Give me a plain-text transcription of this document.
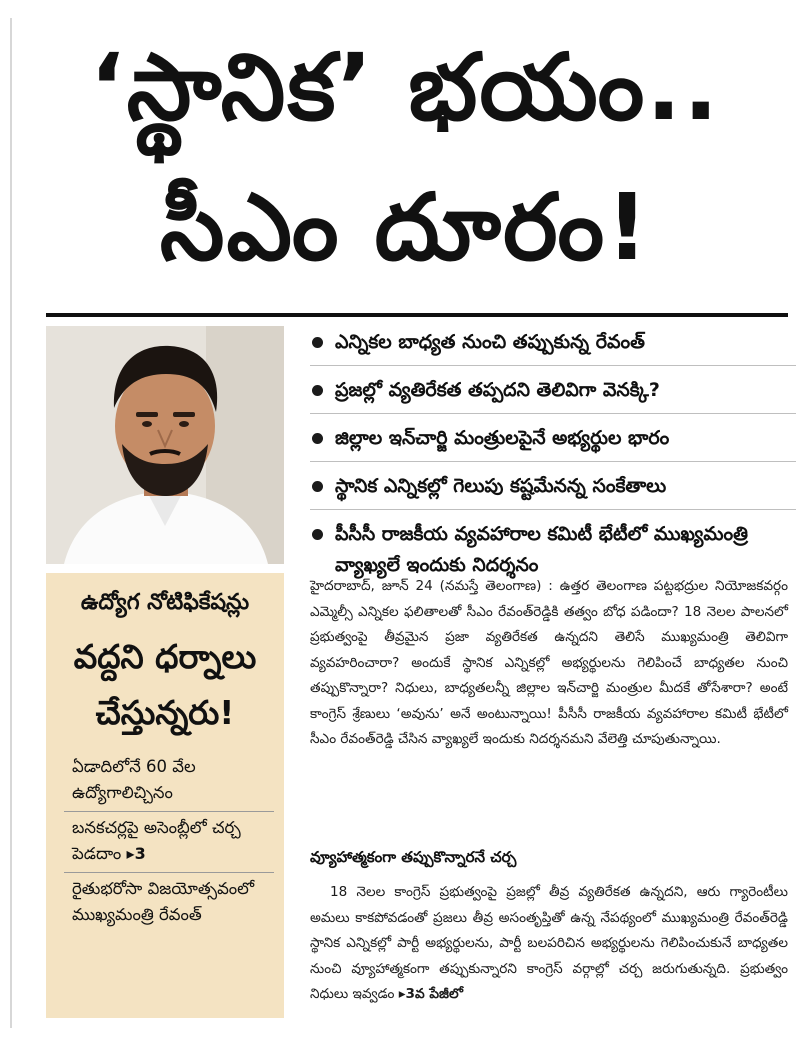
‘స్థానిక’ భయం..
సీఎం దూరం!
ఎన్నికల బాధ్యత నుంచి తప్పుకున్న రేవంత్
ప్రజల్లో వ్యతిరేకత తప్పదని తెలివిగా వెనక్కి?
జిల్లాల ఇన్‌చార్జి మంత్రులపైనే అభ్యర్థుల భారం
స్థానిక ఎన్నికల్లో గెలుపు కష్టమేనన్న సంకేతాలు
పీసీసీ రాజకీయ వ్యవహారాల కమిటీ భేటీలో ముఖ్యమంత్రి వ్యాఖ్యలే ఇందుకు నిదర్శనం
ఉద్యోగ నోటిఫికేషన్లు
వద్దని ధర్నాలు చేస్తున్నరు!
ఏడాదిలోనే 60 వేల ఉద్యోగాలిచ్చినం
బనకచర్లపై అసెంబ్లీలో చర్చ పెడదాం ▸3
రైతుభరోసా విజయోత్సవంలో ముఖ్యమంత్రి రేవంత్

హైదరాబాద్, జూన్ 24 (నమస్తే తెలంగాణ) : ఉత్తర తెలంగాణ పట్టభద్రుల నియోజకవర్గం ఎమ్మెల్సీ ఎన్నికల ఫలితాలతో సీఎం రేవంత్‌రెడ్డికి తత్వం బోధ పడిందా? 18 నెలల పాలనలో ప్రభుత్వంపై తీవ్రమైన ప్రజా వ్యతిరేకత ఉన్నదని తెలిసే ముఖ్యమంత్రి తెలివిగా వ్యవహరించారా? అందుకే స్థానిక ఎన్నికల్లో అభ్యర్థులను గెలిపించే బాధ్యతల నుంచి తప్పుకొన్నారా? నిధులు, బాధ్యతలన్నీ జిల్లాల ఇన్‌చార్జి మంత్రుల మీదకే తోసేశారా? అంటే కాంగ్రెస్ శ్రేణులు ‘అవును’ అనే అంటున్నాయి! పీసీసీ రాజకీయ వ్యవహారాల కమిటీ భేటీలో సీఎం రేవంత్‌రెడ్డి చేసిన వ్యాఖ్యలే ఇందుకు నిదర్శనమని వేలెత్తి చూపుతున్నాయి.

వ్యూహాత్మకంగా తప్పుకొన్నారనే చర్చ

18 నెలల కాంగ్రెస్ ప్రభుత్వంపై ప్రజల్లో తీవ్ర వ్యతిరేకత ఉన్నదని, ఆరు గ్యారెంటీలు అమలు కాకపోవడంతో ప్రజలు తీవ్ర అసంతృప్తితో ఉన్న నేపథ్యంలో ముఖ్యమంత్రి రేవంత్‌రెడ్డి స్థానిక ఎన్నికల్లో పార్టీ అభ్యర్థులను, పార్టీ బలపరిచిన అభ్యర్థులను గెలిపించుకునే బాధ్యతల నుంచి వ్యూహాత్మకంగా తప్పుకున్నారని కాంగ్రెస్ వర్గాల్లో చర్చ జరుగుతున్నది. ప్రభుత్వం నిధులు ఇవ్వడం ▸3వ పేజీలో
